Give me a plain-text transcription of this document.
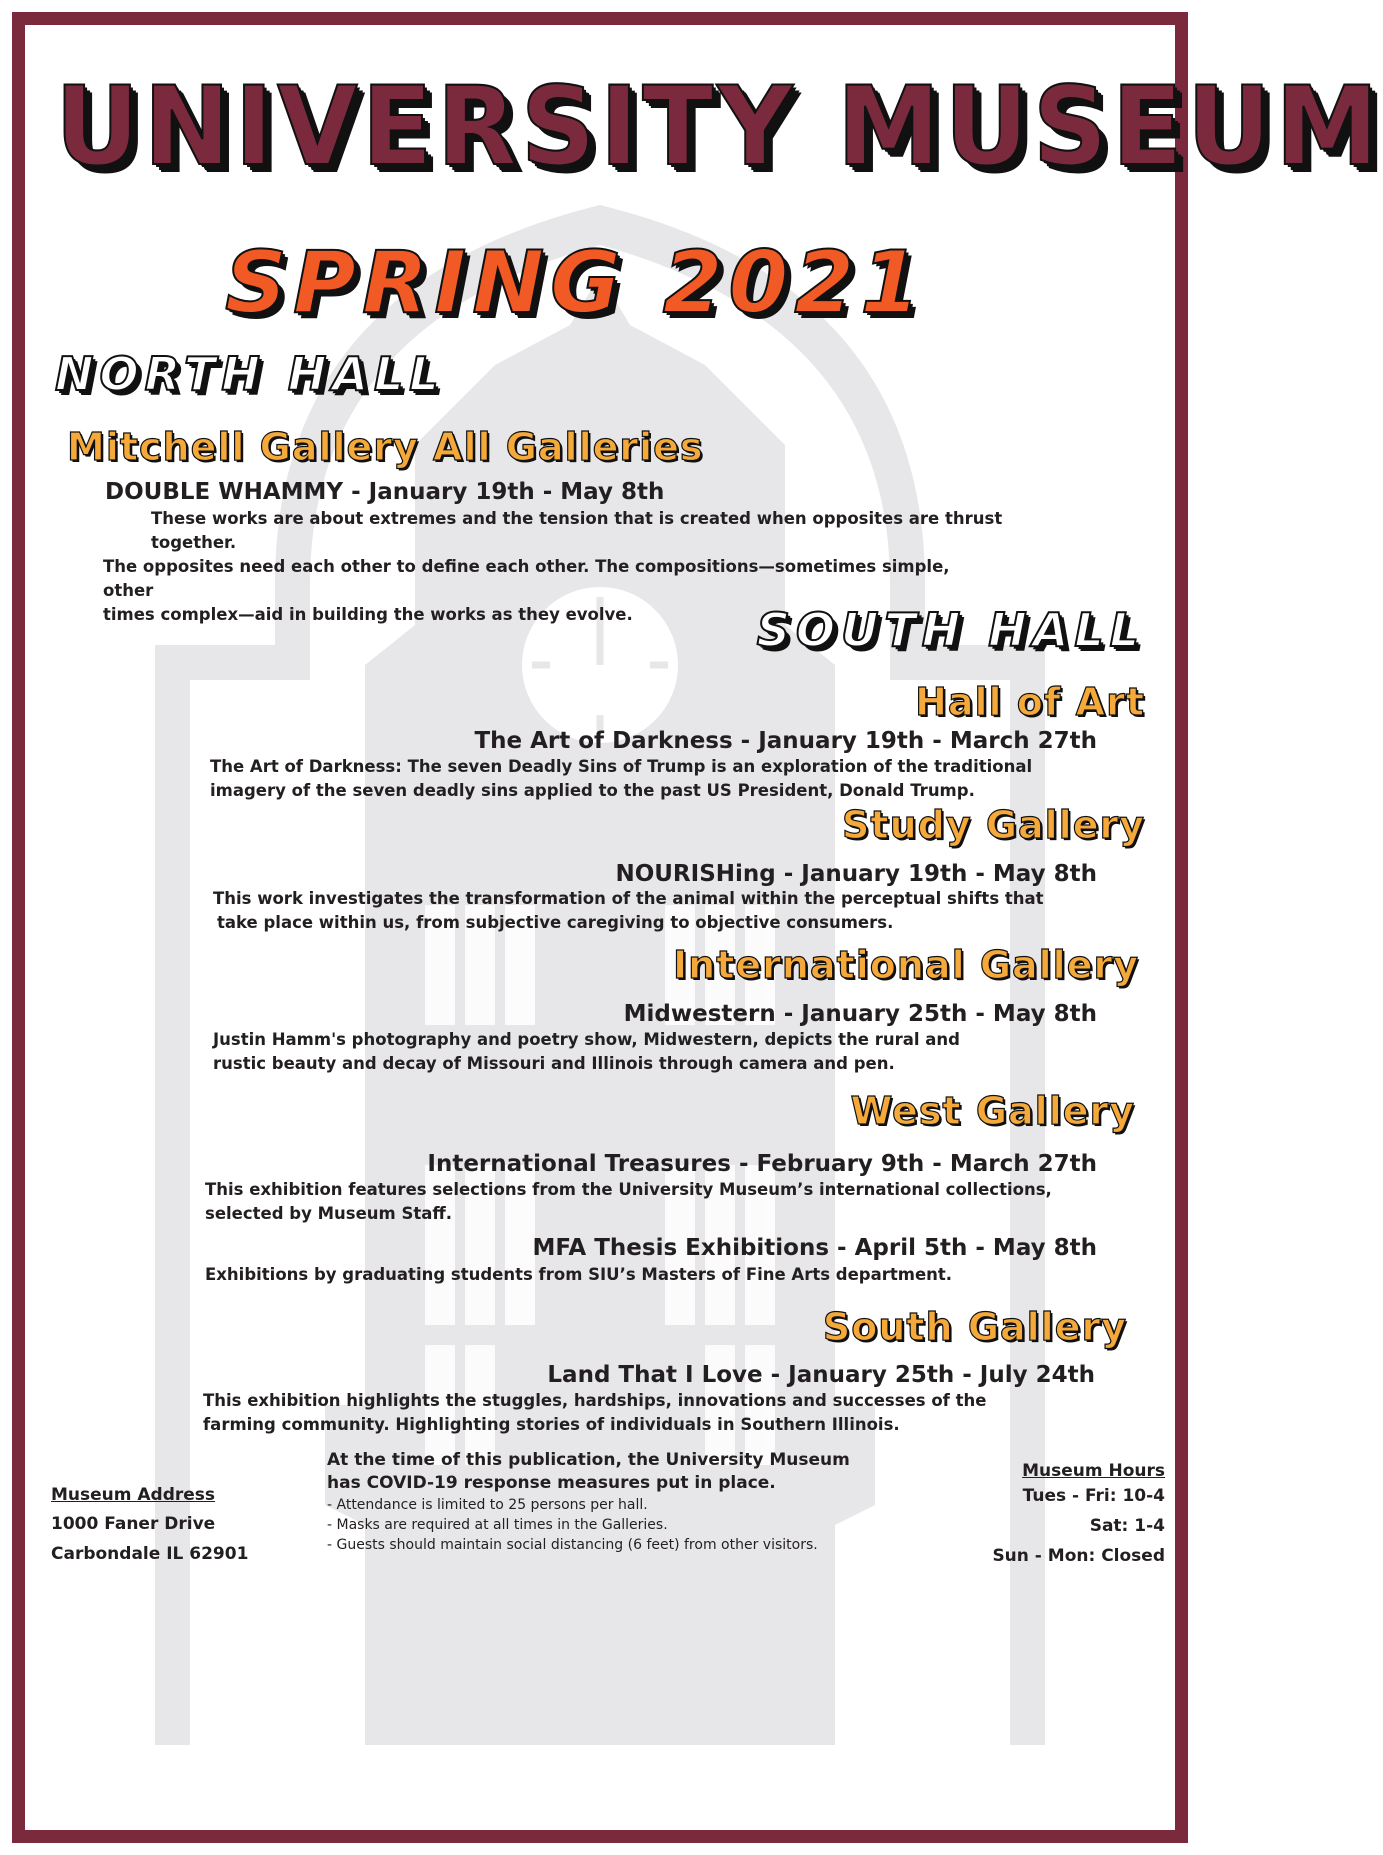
UNIVERSITY MUSEUM
SPRING 2021
NORTH HALL
Mitchell Gallery All Galleries
DOUBLE WHAMMY - January 19th - May 8th
These works are about extremes and the tension that is created when opposites are thrust together.
The opposites need each other to define each other. The compositions—sometimes simple, other
times complex—aid in building the works as they evolve.	SOUTH HALL
Hall of Art
The Art of Darkness - January 19th - March 27th
The Art of Darkness: The seven Deadly Sins of Trump is an exploration of the traditional
imagery of the seven deadly sins applied to the past US President, Donald Trump.
Study Gallery
NOURISHing - January 19th - May 8th
This work investigates the transformation of the animal within the perceptual shifts that
take place within us, from subjective caregiving to objective consumers.
International Gallery
Midwestern - January 25th - May 8th
Justin Hamm's photography and poetry show, Midwestern, depicts the rural and
rustic beauty and decay of Missouri and Illinois through camera and pen.
West Gallery
International Treasures - February 9th - March 27th
This exhibition features selections from the University Museum’s international collections,
selected by Museum Staff.
MFA Thesis Exhibitions - April 5th - May 8th
Exhibitions by graduating students from SIU’s Masters of Fine Arts department.
South Gallery
Land That I Love - January 25th - July 24th
This exhibition highlights the stuggles, hardships, innovations and successes of the
farming community. Highlighting stories of individuals in Southern Illinois.
Museum Address
1000 Faner Drive
Carbondale IL 62901
At the time of this publication, the University Museum
has COVID-19 response measures put in place.
- Attendance is limited to 25 persons per hall.
- Masks are required at all times in the Galleries.
- Guests should maintain social distancing (6 feet) from other visitors.
Museum Hours
Tues - Fri: 10-4
Sat: 1-4
Sun - Mon: Closed
